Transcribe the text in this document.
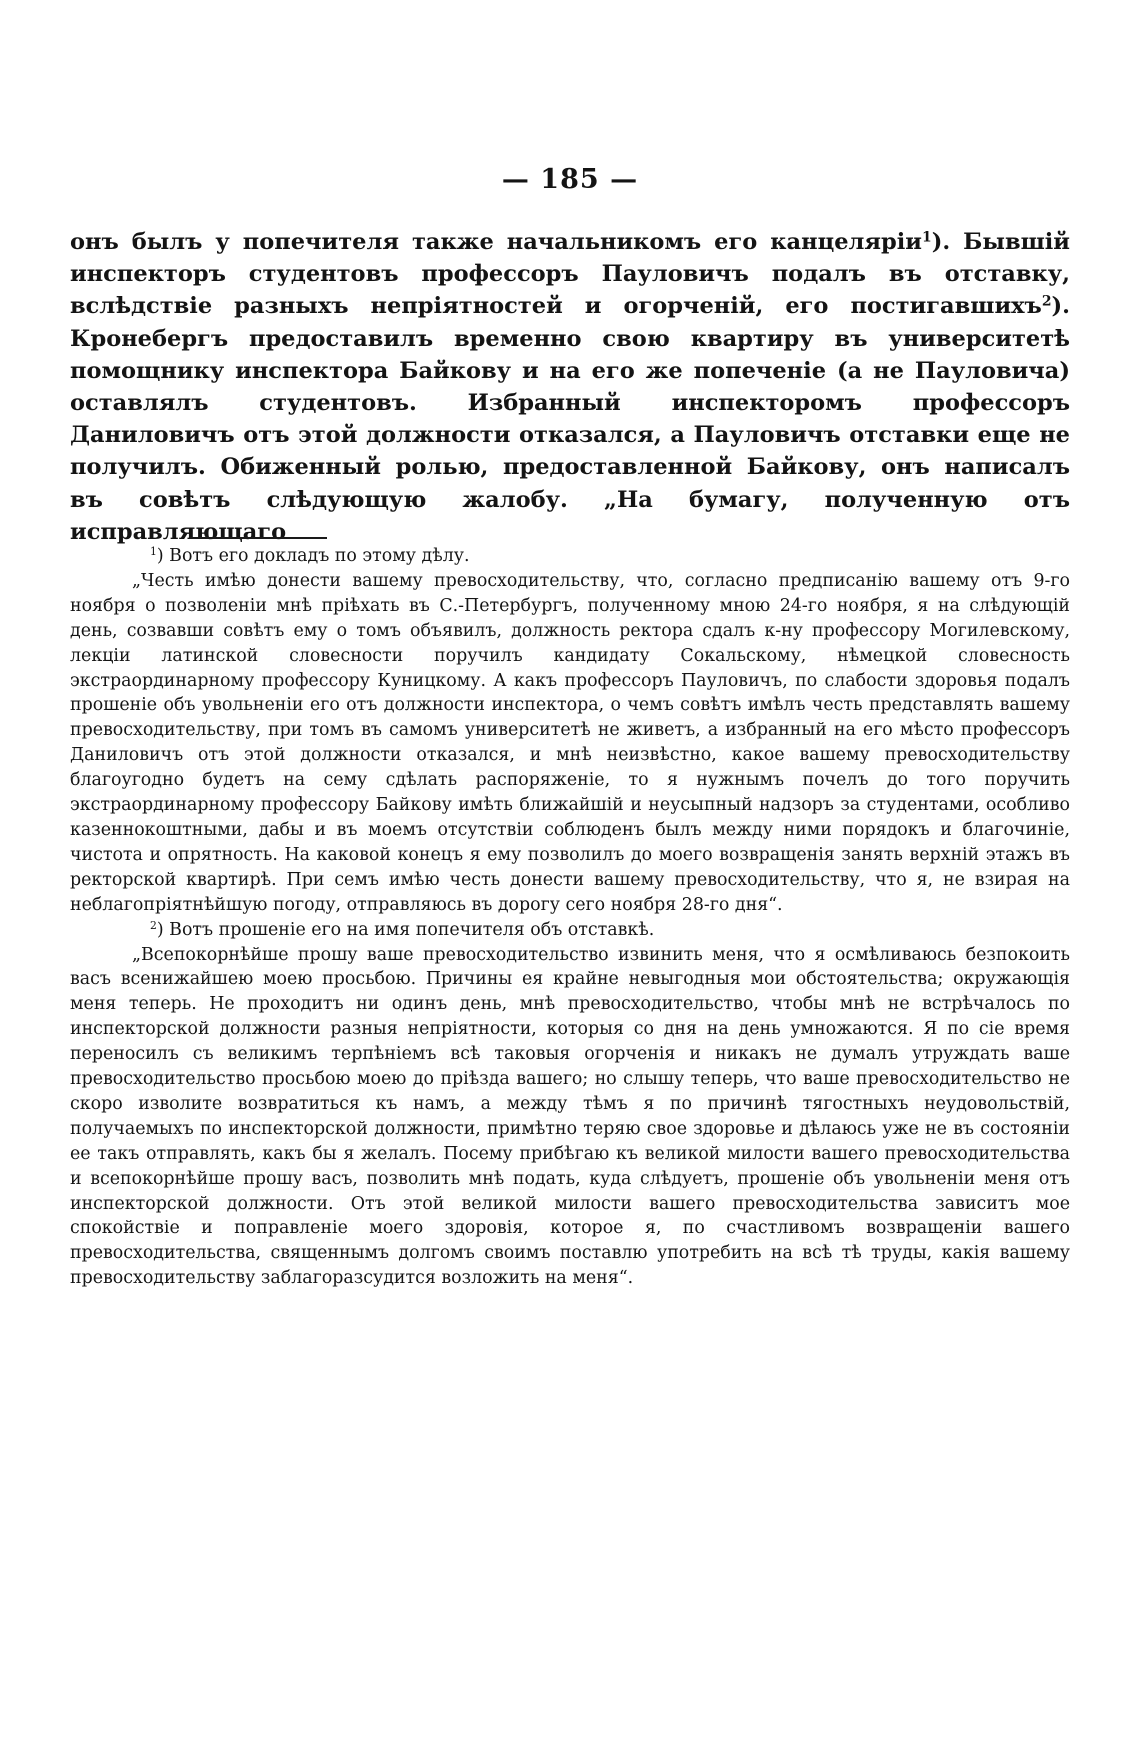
— 185 —

онъ былъ у попечителя также начальникомъ его канцеляріи$^1$). Бывшій инспекторъ студентовъ профессоръ Пауловичъ подалъ въ отставку, вслѣдствіе разныхъ непріятностей и огорченій, его постигавшихъ$^2$). Кронебергъ предоставилъ временно свою квартиру въ университетѣ помощнику инспектора Байкову и на его же попеченіе (а не Пауловича) оставлялъ студентовъ. Избранный инспекторомъ профессоръ Даниловичъ отъ этой должности отказался, а Пауловичъ отставки еще не получилъ. Обиженный ролью, предоставленной Байкову, онъ написалъ въ совѣтъ слѣдующую жалобу. „На бумагу, полученную отъ исправляющаго

$^1$) Вотъ его докладъ по этому дѣлу.

„Честь имѣю донести вашему превосходительству, что, согласно предписанію вашему отъ 9-го ноября о позволеніи мнѣ пріѣхать въ С.-Петербургъ, полученному мною 24-го ноября, я на слѣдующій день, созвавши совѣтъ ему о томъ объявилъ, должность ректора сдалъ к-ну профессору Могилевскому, лекціи латинской словесности поручилъ кандидату Сокальскому, нѣмецкой словесность экстраординарному профессору Куницкому. А какъ профессоръ Пауловичъ, по слабости здоровья подалъ прошеніе объ увольненіи его отъ должности инспектора, о чемъ совѣтъ имѣлъ честь представлять вашему превосходительству, при томъ въ самомъ университетѣ не живетъ, а избранный на его мѣсто профессоръ Даниловичъ отъ этой должности отказался, и мнѣ неизвѣстно, какое вашему превосходительству благоугодно будетъ на сему сдѣлать распоряженіе, то я нужнымъ почелъ до того поручить экстраординарному профессору Байкову имѣть ближайшій и неусыпный надзоръ за студентами, особливо казеннокоштными, дабы и въ моемъ отсутствіи соблюденъ былъ между ними порядокъ и благочиніе, чистота и опрятность. На каковой конецъ я ему позволилъ до моего возвращенія занять верхній этажъ въ ректорской квартирѣ. При семъ имѣю честь донести вашему превосходительству, что я, не взирая на неблагопріятнѣйшую погоду, отправляюсь въ дорогу сего ноября 28-го дня“.

$^2$) Вотъ прошеніе его на имя попечителя объ отставкѣ.

„Всепокорнѣйше прошу ваше превосходительство извинить меня, что я осмѣливаюсь безпокоить васъ всенижайшею моею просьбою. Причины ея крайне невыгодныя мои обстоятельства; окружающія меня теперь. Не проходитъ ни одинъ день, мнѣ превосходительство, чтобы мнѣ не встрѣчалось по инспекторской должности разныя непріятности, которыя со дня на день умножаются. Я по сіе время переносилъ съ великимъ терпѣніемъ всѣ таковыя огорченія и никакъ не думалъ утруждать ваше превосходительство просьбою моею до пріѣзда вашего; но слышу теперь, что ваше превосходительство не скоро изволите возвратиться къ намъ, а между тѣмъ я по причинѣ тягостныхъ неудовольствій, получаемыхъ по инспекторской должности, примѣтно теряю свое здоровье и дѣлаюсь уже не въ состояніи ее такъ отправлять, какъ бы я желалъ. Посему прибѣгаю къ великой милости вашего превосходительства и всепокорнѣйше прошу васъ, позволить мнѣ подать, куда слѣдуетъ, прошеніе объ увольненіи меня отъ инспекторской должности. Отъ этой великой милости вашего превосходительства зависитъ мое спокойствіе и поправленіе моего здоровія, которое я, по счастливомъ возвращеніи вашего превосходительства, священнымъ долгомъ своимъ поставлю употребить на всѣ тѣ труды, какія вашему превосходительству заблагоразсудится возложить на меня“.
